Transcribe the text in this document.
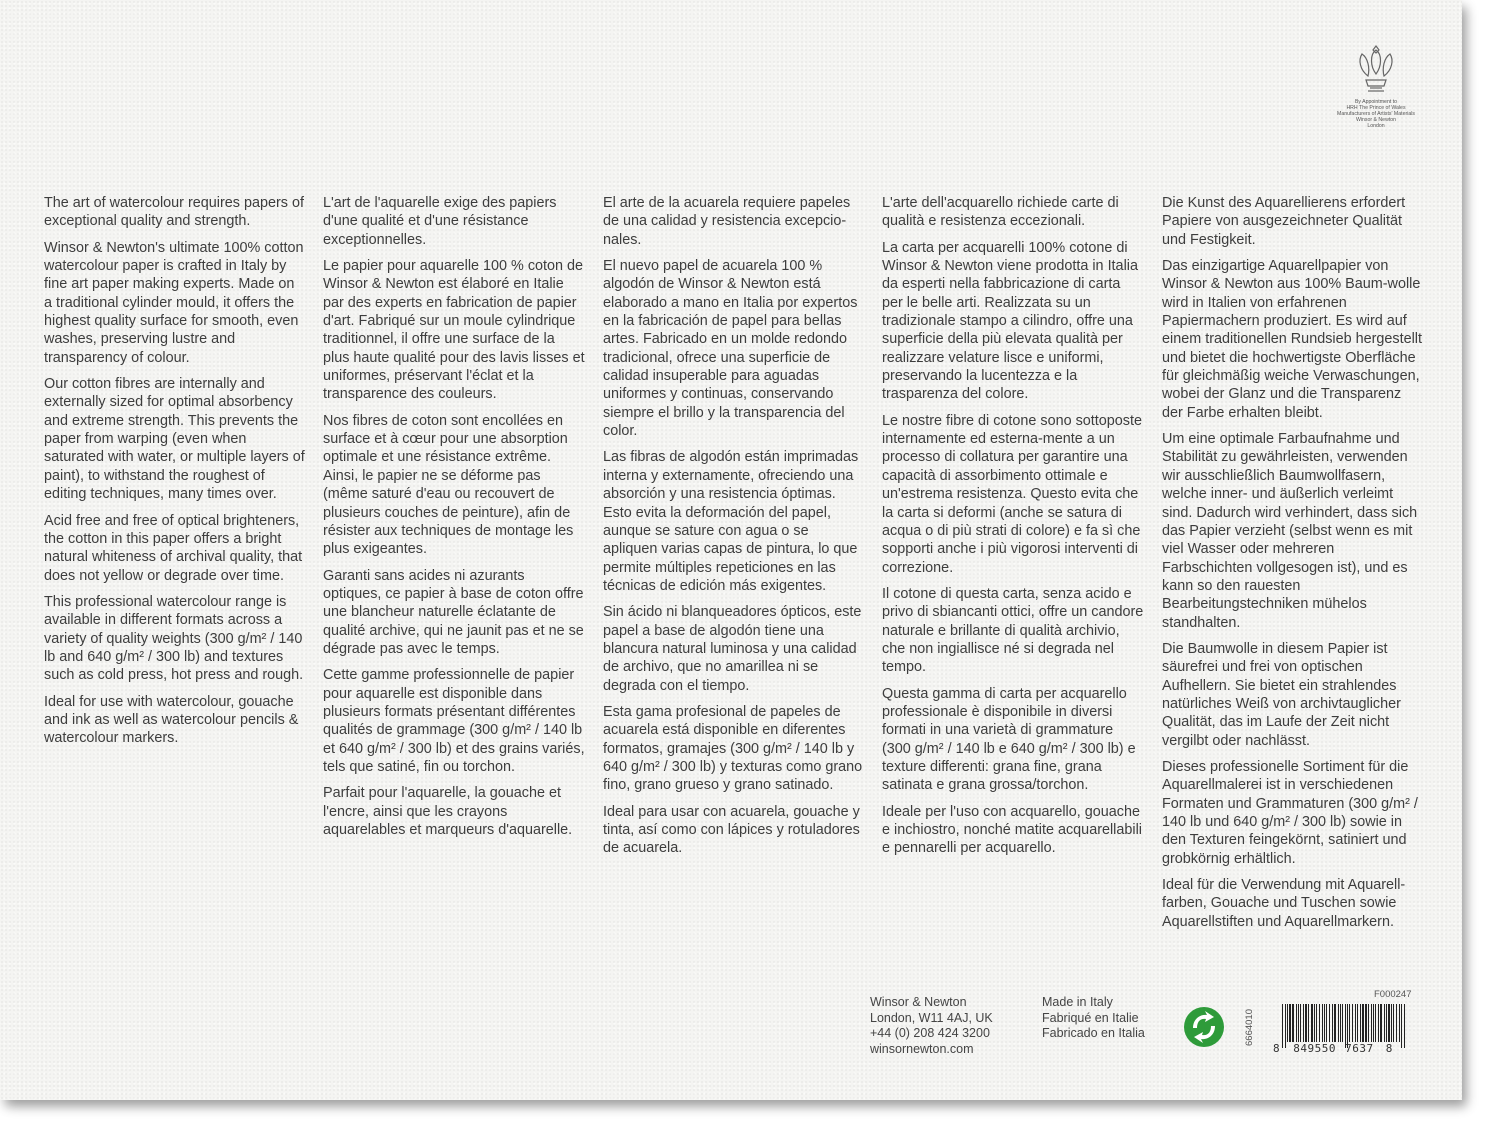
By Appointment to
HRH The Prince of Wales
Manufacturers of Artists' Materials
Winsor & Newton
London

The art of watercolour requires papers of exceptional quality and strength.

Winsor & Newton's ultimate 100% cotton watercolour paper is crafted in Italy by fine art paper making experts. Made on a traditional cylinder mould, it offers the highest quality surface for smooth, even washes, preserving lustre and transparency of colour.

Our cotton fibres are internally and externally sized for optimal absorbency and extreme strength. This prevents the paper from warping (even when saturated with water, or multiple layers of paint), to withstand the roughest of editing techniques, many times over.

Acid free and free of optical brighteners, the cotton in this paper offers a bright natural whiteness of archival quality, that does not yellow or degrade over time.

This professional watercolour range is available in different formats across a variety of quality weights (300 g/m² / 140 lb and 640 g/m² / 300 lb) and textures such as cold press, hot press and rough.

Ideal for use with watercolour, gouache and ink as well as watercolour pencils & watercolour markers.

L'art de l'aquarelle exige des papiers d'une qualité et d'une résistance exceptionnelles.

Le papier pour aquarelle 100 % coton de Winsor & Newton est élaboré en Italie par des experts en fabrication de papier d'art. Fabriqué sur un moule cylindrique traditionnel, il offre une surface de la plus haute qualité pour des lavis lisses et uniformes, préservant l'éclat et la transparence des couleurs.

Nos fibres de coton sont encollées en surface et à cœur pour une absorption optimale et une résistance extrême. Ainsi, le papier ne se déforme pas (même saturé d'eau ou recouvert de plusieurs couches de peinture), afin de résister aux techniques de montage les plus exigeantes.

Garanti sans acides ni azurants optiques, ce papier à base de coton offre une blancheur naturelle éclatante de qualité archive, qui ne jaunit pas et ne se dégrade pas avec le temps.

Cette gamme professionnelle de papier pour aquarelle est disponible dans plusieurs formats présentant différentes qualités de grammage (300 g/m² / 140 lb et 640 g/m² / 300 lb) et des grains variés, tels que satiné, fin ou torchon.

Parfait pour l'aquarelle, la gouache et l'encre, ainsi que les crayons aquarelables et marqueurs d'aquarelle.

El arte de la acuarela requiere papeles de una calidad y resistencia excepcio-nales.

El nuevo papel de acuarela 100 % algodón de Winsor & Newton está elaborado a mano en Italia por expertos en la fabricación de papel para bellas artes. Fabricado en un molde redondo tradicional, ofrece una superficie de calidad insuperable para aguadas uniformes y continuas, conservando siempre el brillo y la transparencia del color.

Las fibras de algodón están imprimadas interna y externamente, ofreciendo una absorción y una resistencia óptimas. Esto evita la deformación del papel, aunque se sature con agua o se apliquen varias capas de pintura, lo que permite múltiples repeticiones en las técnicas de edición más exigentes.

Sin ácido ni blanqueadores ópticos, este papel a base de algodón tiene una blancura natural luminosa y una calidad de archivo, que no amarillea ni se degrada con el tiempo.

Esta gama profesional de papeles de acuarela está disponible en diferentes formatos, gramajes (300 g/m² / 140 lb y 640 g/m² / 300 lb) y texturas como grano fino, grano grueso y grano satinado.

Ideal para usar con acuarela, gouache y tinta, así como con lápices y rotuladores de acuarela.

L'arte dell'acquarello richiede carte di qualità e resistenza eccezionali.

La carta per acquarelli 100% cotone di Winsor & Newton viene prodotta in Italia da esperti nella fabbricazione di carta per le belle arti. Realizzata su un tradizionale stampo a cilindro, offre una superficie della più elevata qualità per realizzare velature lisce e uniformi, preservando la lucentezza e la trasparenza del colore.

Le nostre fibre di cotone sono sottoposte internamente ed esterna-mente a un processo di collatura per garantire una capacità di assorbimento ottimale e un'estrema resistenza. Questo evita che la carta si deformi (anche se satura di acqua o di più strati di colore) e fa sì che sopporti anche i più vigorosi interventi di correzione.

Il cotone di questa carta, senza acido e privo di sbiancanti ottici, offre un candore naturale e brillante di qualità archivio, che non ingiallisce né si degrada nel tempo.

Questa gamma di carta per acquarello professionale è disponibile in diversi formati in una varietà di grammature (300 g/m² / 140 lb e 640 g/m² / 300 lb) e texture differenti: grana fine, grana satinata e grana grossa/torchon.

Ideale per l'uso con acquarello, gouache e inchiostro, nonché matite acquarellabili e pennarelli per acquarello.

Die Kunst des Aquarellierens erfordert Papiere von ausgezeichneter Qualität und Festigkeit.

Das einzigartige Aquarellpapier von Winsor & Newton aus 100% Baum-wolle wird in Italien von erfahrenen Papiermachern produziert. Es wird auf einem traditionellen Rundsieb hergestellt und bietet die hochwertigste Oberfläche für gleichmäßig weiche Verwaschungen, wobei der Glanz und die Transparenz der Farbe erhalten bleibt.

Um eine optimale Farbaufnahme und Stabilität zu gewährleisten, verwenden wir ausschließlich Baumwollfasern, welche inner- und äußerlich verleimt sind. Dadurch wird verhindert, dass sich das Papier verzieht (selbst wenn es mit viel Wasser oder mehreren Farbschichten vollgesogen ist), und es kann so den rauesten Bearbeitungstechniken mühelos standhalten.

Die Baumwolle in diesem Papier ist säurefrei und frei von optischen Aufhellern. Sie bietet ein strahlendes natürliches Weiß von archivtauglicher Qualität, das im Laufe der Zeit nicht vergilbt oder nachlässt.

Dieses professionelle Sortiment für die Aquarellmalerei ist in verschiedenen Formaten und Grammaturen (300 g/m² / 140 lb und 640 g/m² / 300 lb) sowie in den Texturen feingekörnt, satiniert und grobkörnig erhältlich.

Ideal für die Verwendung mit Aquarell-farben, Gouache und Tuschen sowie Aquarellstiften und Aquarellmarkern.

Winsor & Newton
London, W11 4AJ, UK
+44 (0) 208 424 3200
winsornewton.com
Made in Italy
Fabriqué en Italie
Fabricado en Italia
F000247
6664010
8 849550 7637 8
